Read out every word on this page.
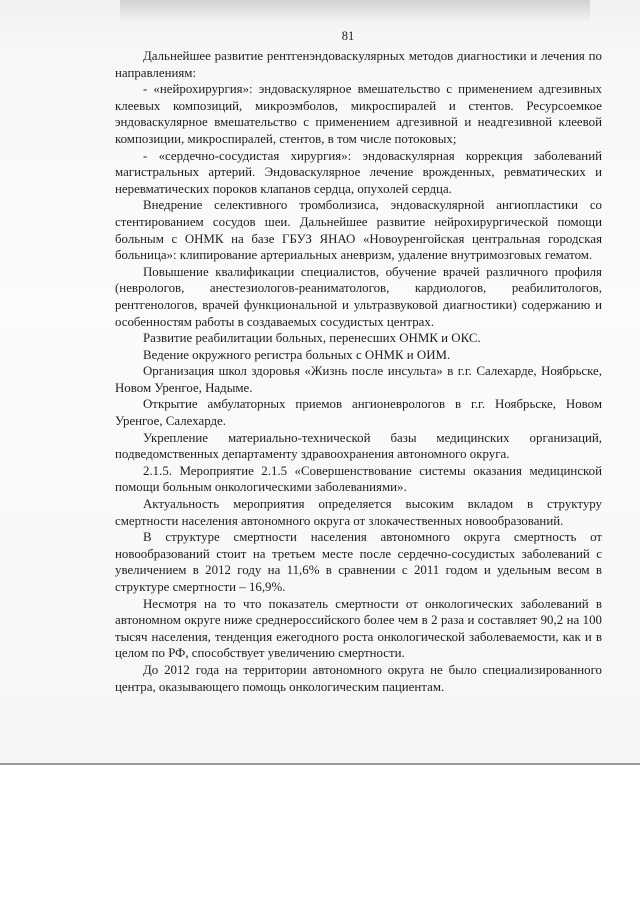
81

Дальнейшее развитие рентгенэндоваскулярных методов диагностики и лечения по направлениям:

- «нейрохирургия»: эндоваскулярное вмешательство с применением адгезивных клеевых композиций, микроэмболов, микроспиралей и стентов. Ресурсоемкое эндоваскулярное вмешательство с применением адгезивной и неадгезивной клеевой композиции, микроспиралей, стентов, в том числе потоковых;

- «сердечно-сосудистая хирургия»: эндоваскулярная коррекция заболеваний магистральных артерий. Эндоваскулярное лечение врожденных, ревматических и неревматических пороков клапанов сердца, опухолей сердца.

Внедрение селективного тромболизиса, эндоваскулярной ангиопластики со стентированием сосудов шеи. Дальнейшее развитие нейрохирургической помощи больным с ОНМК на базе ГБУЗ ЯНАО «Новоуренгойская центральная городская больница»: клипирование артериальных аневризм, удаление внутримозговых гематом.

Повышение квалификации специалистов, обучение врачей различного профиля (неврологов, анестезиологов-реаниматологов, кардиологов, реабилитологов, рентгенологов, врачей функциональной и ультразвуковой диагностики) содержанию и особенностям работы в создаваемых сосудистых центрах.

Развитие реабилитации больных, перенесших ОНМК и ОКС.

Ведение окружного регистра больных с ОНМК и ОИМ.

Организация школ здоровья «Жизнь после инсульта» в г.г. Салехарде, Ноябрьске, Новом Уренгое, Надыме.

Открытие амбулаторных приемов ангионеврологов в г.г. Ноябрьске, Новом Уренгое, Салехарде.

Укрепление материально-технической базы медицинских организаций, подведомственных департаменту здравоохранения автономного округа.

2.1.5. Мероприятие 2.1.5 «Совершенствование системы оказания медицинской помощи больным онкологическими заболеваниями».

Актуальность мероприятия определяется высоким вкладом в структуру смертности населения автономного округа от злокачественных новообразований.

В структуре смертности населения автономного округа смертность от новообразований стоит на третьем месте после сердечно-сосудистых заболеваний с увеличением в 2012 году на 11,6% в сравнении с 2011 годом и удельным весом в структуре смертности – 16,9%.

Несмотря на то что показатель смертности от онкологических заболеваний в автономном округе ниже среднероссийского более чем в 2 раза и составляет 90,2 на 100 тысяч населения, тенденция ежегодного роста онкологической заболеваемости, как и в целом по РФ, способствует увеличению смертности.

До 2012 года на территории автономного округа не было специализированного центра, оказывающего помощь онкологическим пациентам.
